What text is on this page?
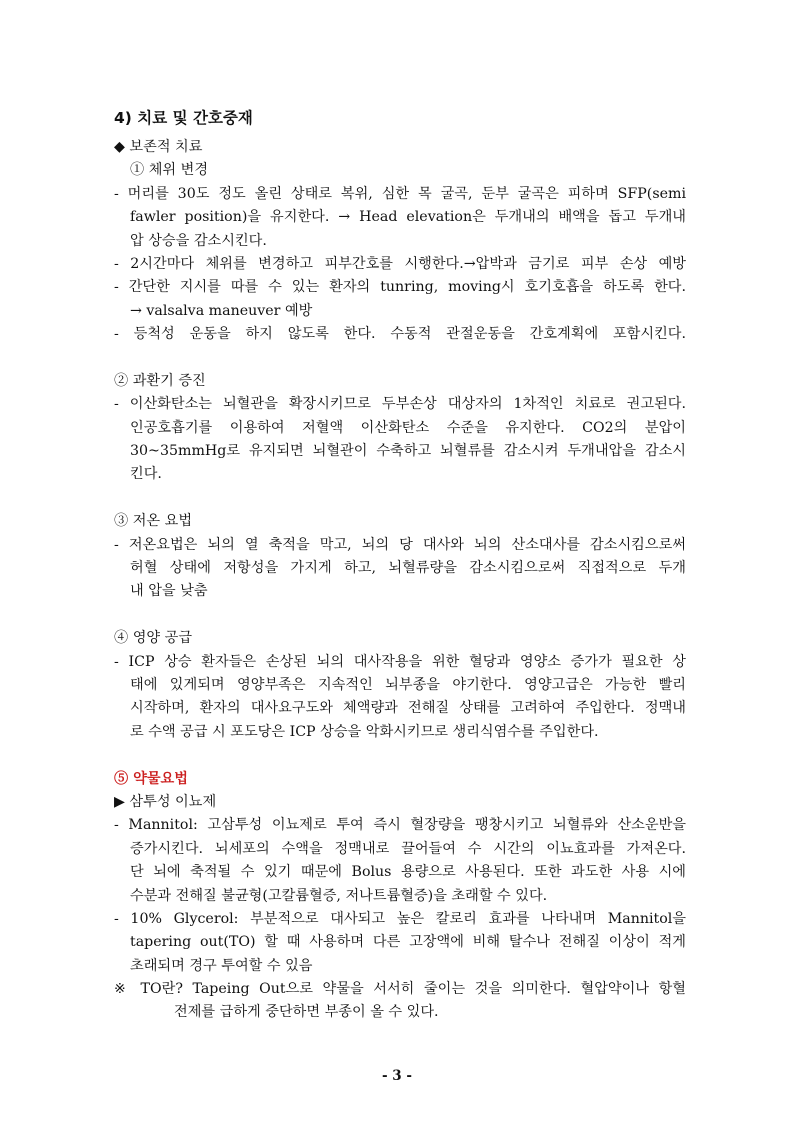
4) 치료 및 간호중재
◆ 보존적 치료
① 체위 변경
- 머리를 30도 정도 올린 상태로 복위, 심한 목 굴곡, 둔부 굴곡은 피하며 SFP(semi
fawler position)을 유지한다. → Head elevation은 두개내의 배액을 돕고 두개내
압 상승을 감소시킨다.
- 2시간마다 체위를 변경하고 피부간호를 시행한다.→압박과 금기로 피부 손상 예방
- 간단한 지시를 따를 수 있는 환자의 tunring, moving시 호기호흡을 하도록 한다.
→ valsalva maneuver 예방
- 등척성 운동을 하지 않도록 한다. 수동적 관절운동을 간호계획에 포함시킨다.
② 과환기 증진
- 이산화탄소는 뇌혈관을 확장시키므로 두부손상 대상자의 1차적인 치료로 권고된다.
인공호흡기를 이용하여 저혈액 이산화탄소 수준을 유지한다. CO2의 분압이
30~35mmHg로 유지되면 뇌혈관이 수축하고 뇌혈류를 감소시켜 두개내압을 감소시
킨다.
③ 저온 요법
- 저온요법은 뇌의 열 축적을 막고, 뇌의 당 대사와 뇌의 산소대사를 감소시킴으로써
허혈 상태에 저항성을 가지게 하고, 뇌혈류량을 감소시킴으로써 직접적으로 두개
내 압을 낮춤
④ 영양 공급
- ICP 상승 환자들은 손상된 뇌의 대사작용을 위한 혈당과 영양소 증가가 필요한 상
태에 있게되며 영양부족은 지속적인 뇌부종을 야기한다. 영양고급은 가능한 빨리
시작하며, 환자의 대사요구도와 체액량과 전해질 상태를 고려하여 주입한다. 정맥내
로 수액 공급 시 포도당은 ICP 상승을 악화시키므로 생리식염수를 주입한다.
⑤ 약물요법
▶ 삼투성 이뇨제
- Mannitol: 고삼투성 이뇨제로 투여 즉시 혈장량을 팽창시키고 뇌혈류와 산소운반을
증가시킨다. 뇌세포의 수액을 정맥내로 끌어들여 수 시간의 이뇨효과를 가져온다.
단 뇌에 축적될 수 있기 때문에 Bolus 용량으로 사용된다. 또한 과도한 사용 시에
수분과 전해질 불균형(고칼륨혈증, 저나트륨혈증)을 초래할 수 있다.
- 10% Glycerol: 부분적으로 대사되고 높은 칼로리 효과를 나타내며 Mannitol을
tapering out(TO) 할 때 사용하며 다른 고장액에 비해 탈수나 전해질 이상이 적게
초래되며 경구 투여할 수 있음
※ TO란? Tapeing Out으로 약물을 서서히 줄이는 것을 의미한다. 혈압약이나 항혈
전제를 급하게 중단하면 부종이 올 수 있다.
- 3 -
